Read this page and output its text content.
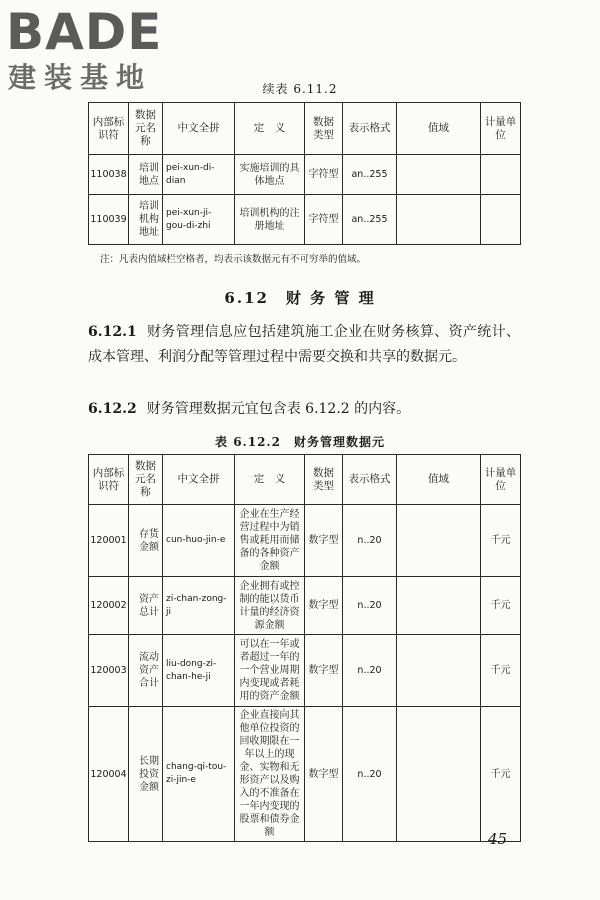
BADE
建装基地	续表 6.11.2
内部标识符	数据元名称	中文全拼	定　义	数据类型	表示格式	值域	计量单位
110038	培训地点	pei-xun-di-dian	实施培训的具体地点	字符型	an..255		
110039	培训机构地址	pei-xun-ji-gou-di-zhi	培训机构的注册地址	字符型	an..255		
注：凡表内值域栏空格者，均表示该数据元有不可穷举的值域。
6.12　财 务 管 理
6.12.1 财务管理信息应包括建筑施工企业在财务核算、资产统计、成本管理、利润分配等管理过程中需要交换和共享的数据元。
6.12.2 财务管理数据元宜包含表 6.12.2 的内容。
表 6.12.2　财务管理数据元
内部标识符	数据元名称	中文全拼	定　义	数据类型	表示格式	值域	计量单位
120001	存货金额	cun-huo-jin-e	企业在生产经营过程中为销售或耗用而储备的各种资产金额	数字型	n..20		千元
120002	资产总计	zi-chan-zong-ji	企业拥有或控制的能以货币计量的经济资源金额	数字型	n..20		千元
120003	流动资产合计	liu-dong-zi-chan-he-ji	可以在一年或者超过一年的一个营业周期内变现或者耗用的资产金额	数字型	n..20		千元
120004	长期投资金额	chang-qi-tou-zi-jin-e	企业直接向其他单位投资的回收期限在一年以上的现金、实物和无形资产以及购入的不准备在一年内变现的股票和债券金额	数字型	n..20		千元
45
